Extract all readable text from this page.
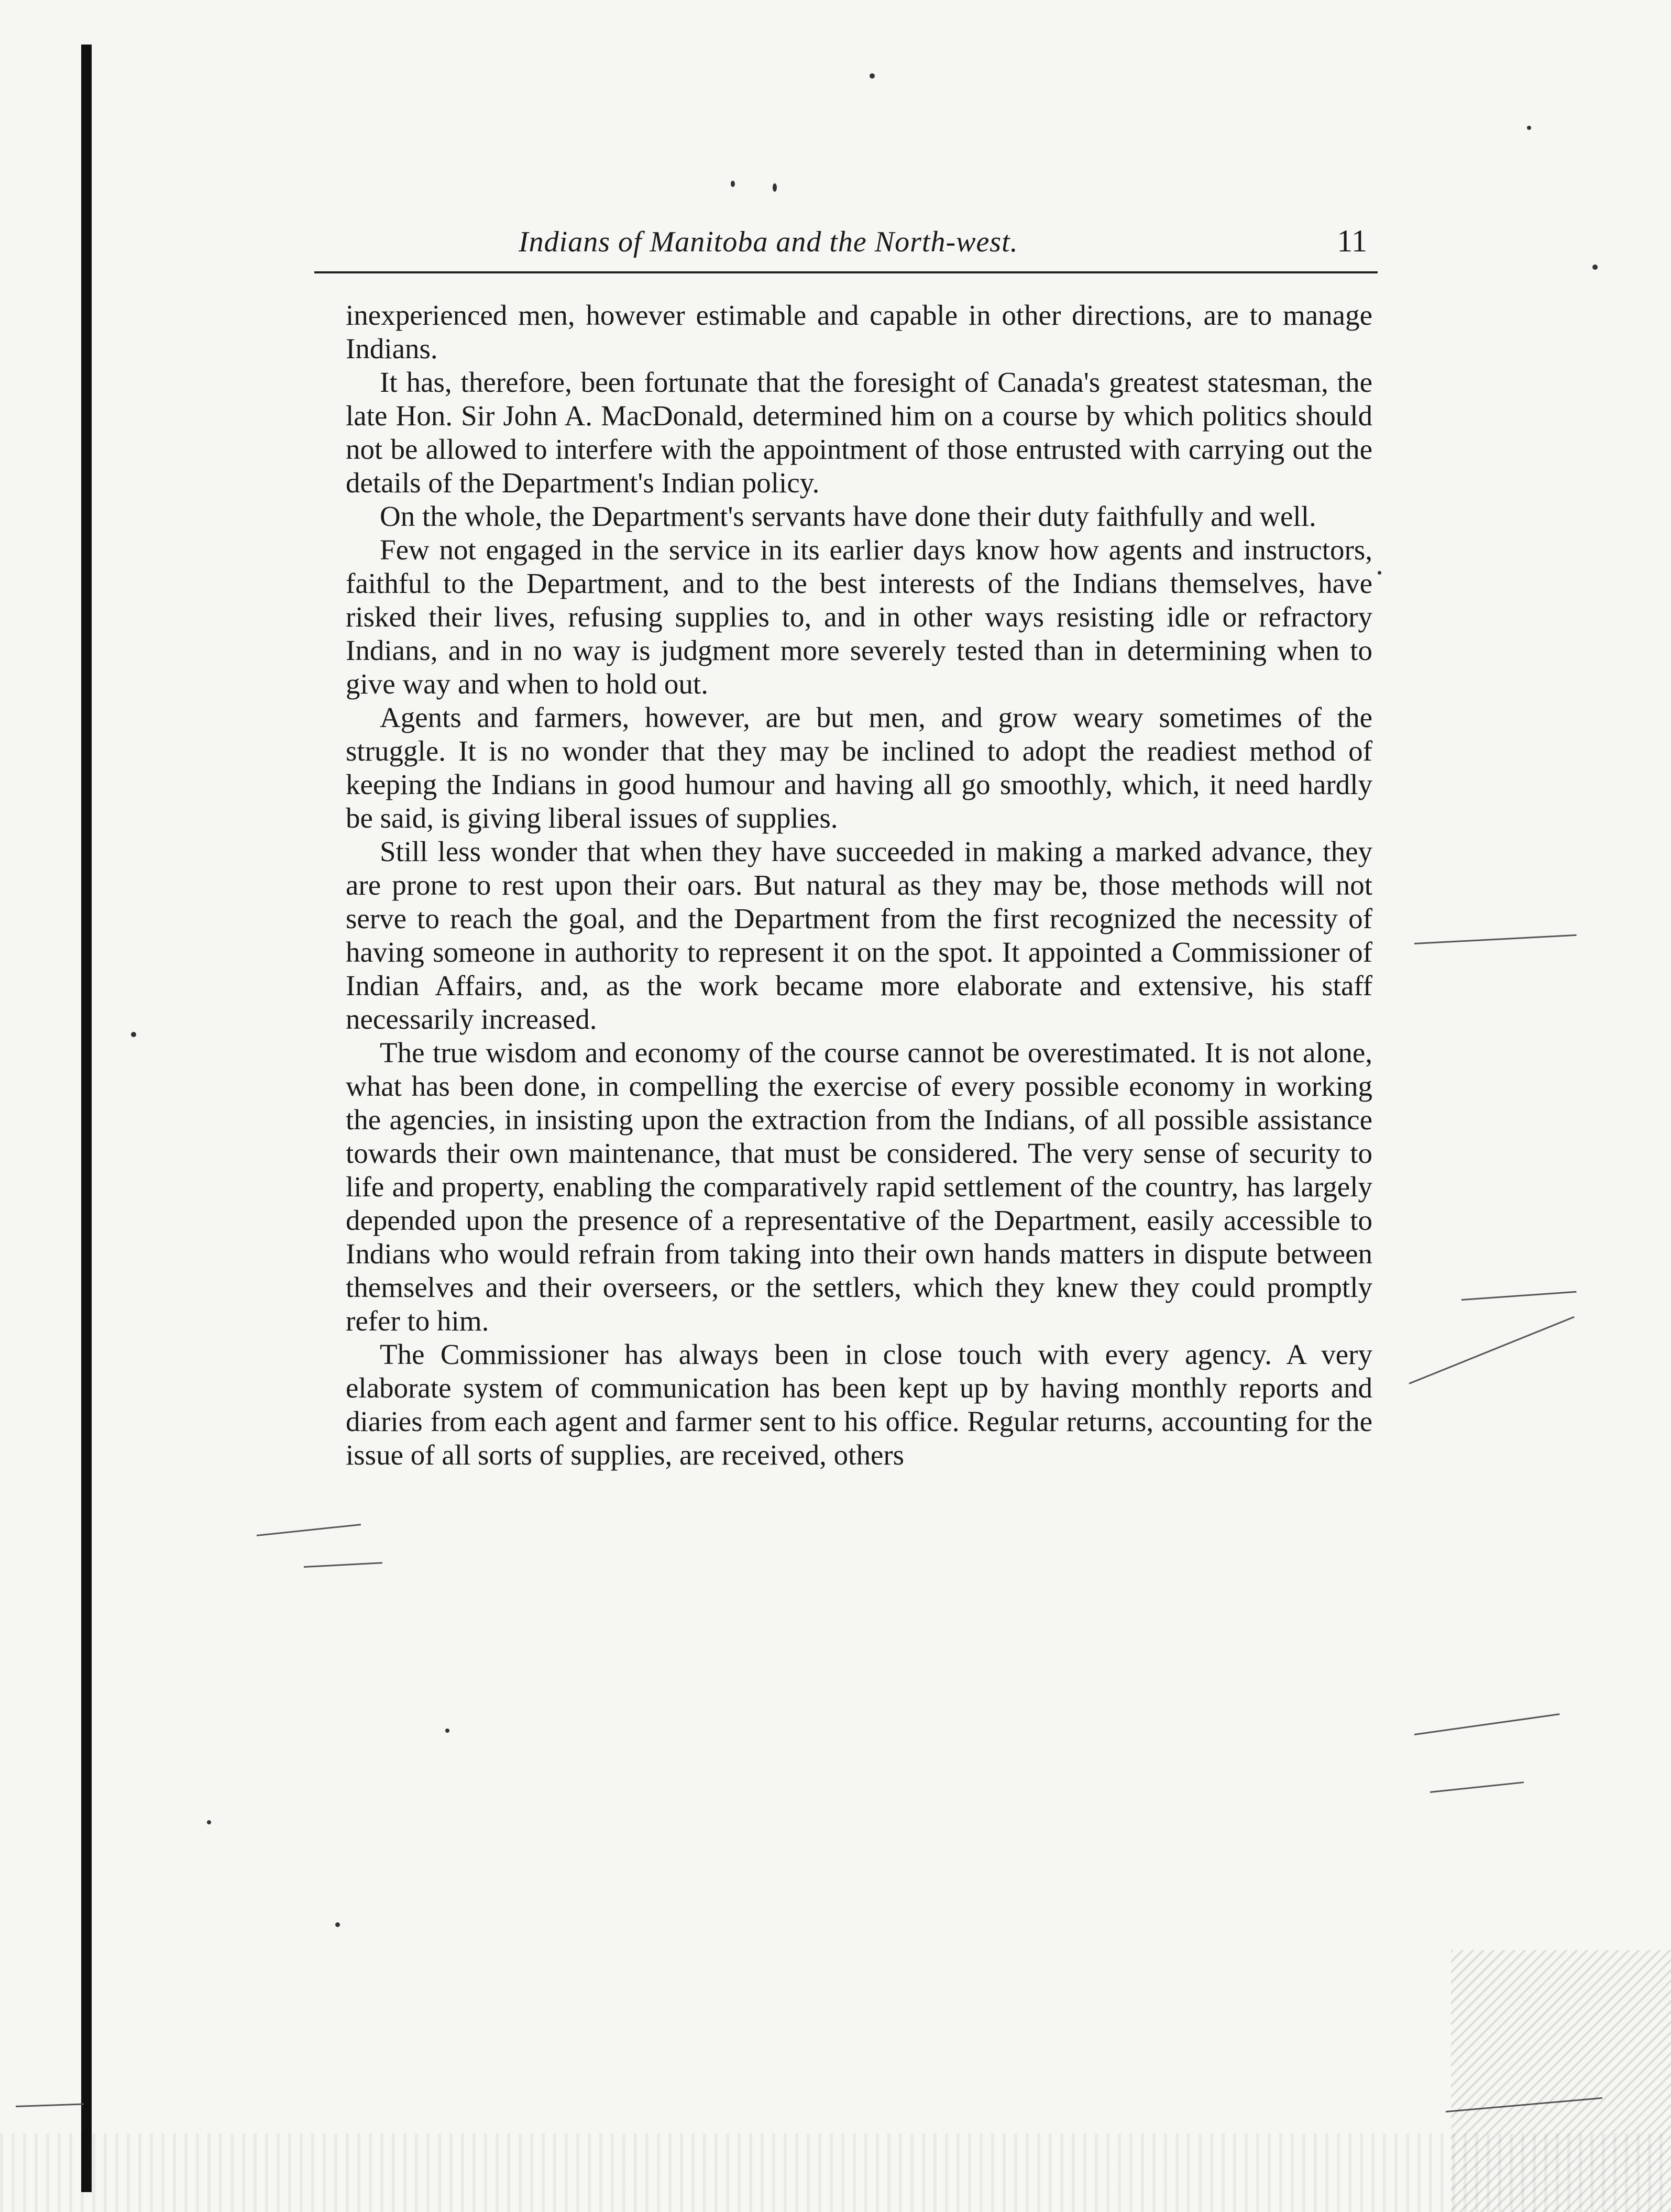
Indians of Manitoba and the North-west.	11

inexperienced men, however estimable and capable in other directions, are to manage Indians.

It has, therefore, been fortunate that the foresight of Canada's greatest statesman, the late Hon. Sir John A. MacDonald, determined him on a course by which politics should not be allowed to interfere with the appointment of those entrusted with carrying out the details of the Department's Indian policy.

On the whole, the Department's servants have done their duty faithfully and well.

Few not engaged in the service in its earlier days know how agents and instructors, faithful to the Department, and to the best interests of the Indians themselves, have risked their lives, refusing supplies to, and in other ways resisting idle or refractory Indians, and in no way is judgment more severely tested than in determining when to give way and when to hold out.

Agents and farmers, however, are but men, and grow weary sometimes of the struggle. It is no wonder that they may be inclined to adopt the readiest method of keeping the Indians in good humour and having all go smoothly, which, it need hardly be said, is giving liberal issues of supplies.

Still less wonder that when they have succeeded in making a marked advance, they are prone to rest upon their oars. But natural as they may be, those methods will not serve to reach the goal, and the Department from the first recognized the necessity of having someone in authority to represent it on the spot. It appointed a Commissioner of Indian Affairs, and, as the work became more elaborate and extensive, his staff necessarily increased.

The true wisdom and economy of the course cannot be overestimated. It is not alone, what has been done, in compelling the exercise of every possible economy in working the agencies, in insisting upon the extraction from the Indians, of all possible assistance towards their own maintenance, that must be considered. The very sense of security to life and property, enabling the comparatively rapid settlement of the country, has largely depended upon the presence of a representative of the Department, easily accessible to Indians who would refrain from taking into their own hands matters in dispute between themselves and their overseers, or the settlers, which they knew they could promptly refer to him.

The Commissioner has always been in close touch with every agency. A very elaborate system of communication has been kept up by having monthly reports and diaries from each agent and farmer sent to his office. Regular returns, accounting for the issue of all sorts of supplies, are received, others
